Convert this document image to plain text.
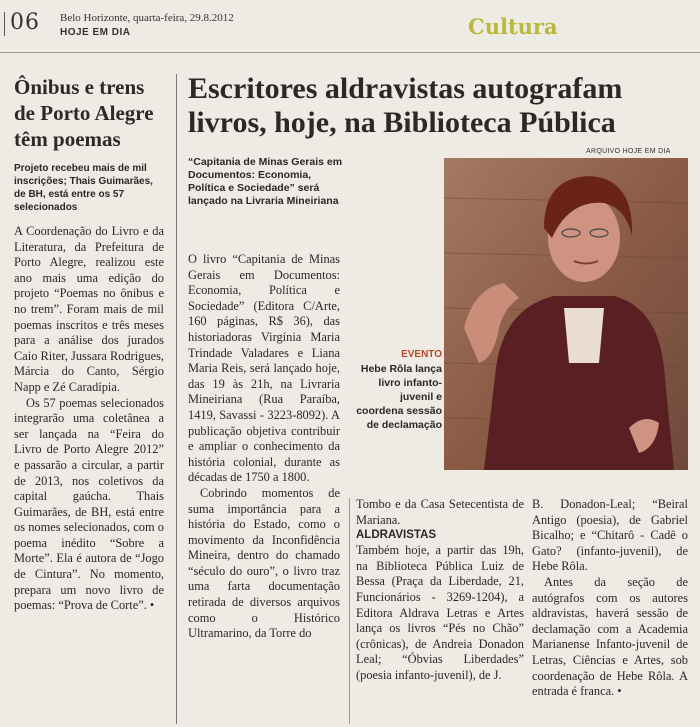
06 Belo Horizonte, quarta-feira, 29.8.2012
HOJE EM DIA	Cultura
Ônibus e trens de Porto Alegre têm poemas

Projeto recebeu mais de mil inscrições; Thais Guimarães, de BH, está entre os 57 selecionados

A Coordenação do Livro e da Literatura, da Prefeitura de Porto Alegre, realizou este ano mais uma edição do projeto “Poemas no ônibus e no trem”. Foram mais de mil poemas inscritos e três meses para a análise dos jurados Caio Riter, Jussara Rodrigues, Márcia do Canto, Sérgio Napp e Zé Caradípia.

Os 57 poemas selecionados integrarão uma coletânea a ser lançada na “Feira do Livro de Porto Alegre 2012” e passarão a circular, a partir de 2013, nos coletivos da capital gaúcha. Thais Guimarães, de BH, está entre os nomes selecionados, com o poema inédito “Sobre a Morte”. Ela é autora de “Jogo de Cintura”. No momento, prepara um novo livro de poemas: “Prova de Corte”. •

Escritores aldravistas autografam livros, hoje, na Biblioteca Pública

“Capitania de Minas Gerais em Documentos: Economia, Política e Sociedade” será lançado na Livraria Mineiriana

ARQUIVO HOJE EM DIA
EVENTO
Hebe Rôla lança livro infanto-juvenil e coordena sessão de declamação

O livro “Capitania de Minas Gerais em Documentos: Economia, Política e Sociedade” (Editora C/Arte, 160 páginas, R$ 36), das historiadoras Virgínia Maria Trindade Valadares e Liana Maria Reis, será lançado hoje, das 19 às 21h, na Livraria Mineiriana (Rua Paraíba, 1419, Savassi - 3223-8092). A publicação objetiva contribuir e ampliar o conhecimento da história colonial, durante as décadas de 1750 a 1800.

Cobrindo momentos de suma importância para a história do Estado, como o movimento da Inconfidência Mineira, dentro do chamado “século do ouro”, o livro traz uma farta documentação retirada de diversos arquivos como o Histórico Ultramarino, da Torre do

Tombo e da Casa Setecentista de Mariana.

ALDRAVISTAS

Também hoje, a partir das 19h, na Biblioteca Pública Luiz de Bessa (Praça da Liberdade, 21, Funcionários - 3269-1204), a Editora Aldrava Letras e Artes lança os livros “Pés no Chão” (crônicas), de Andreia Donadon Leal; “Óbvias Liberdades” (poesia infanto-juvenil), de J.

B. Donadon-Leal; “Beiral Antigo (poesia), de Gabriel Bicalho; e “Chitarô - Cadê o Gato? (infanto-juvenil), de Hebe Rôla.

Antes da seção de autógrafos com os autores aldravistas, haverá sessão de declamação com a Academia Marianense Infanto-juvenil de Letras, Ciências e Artes, sob coordenação de Hebe Rôla. A entrada é franca. •
